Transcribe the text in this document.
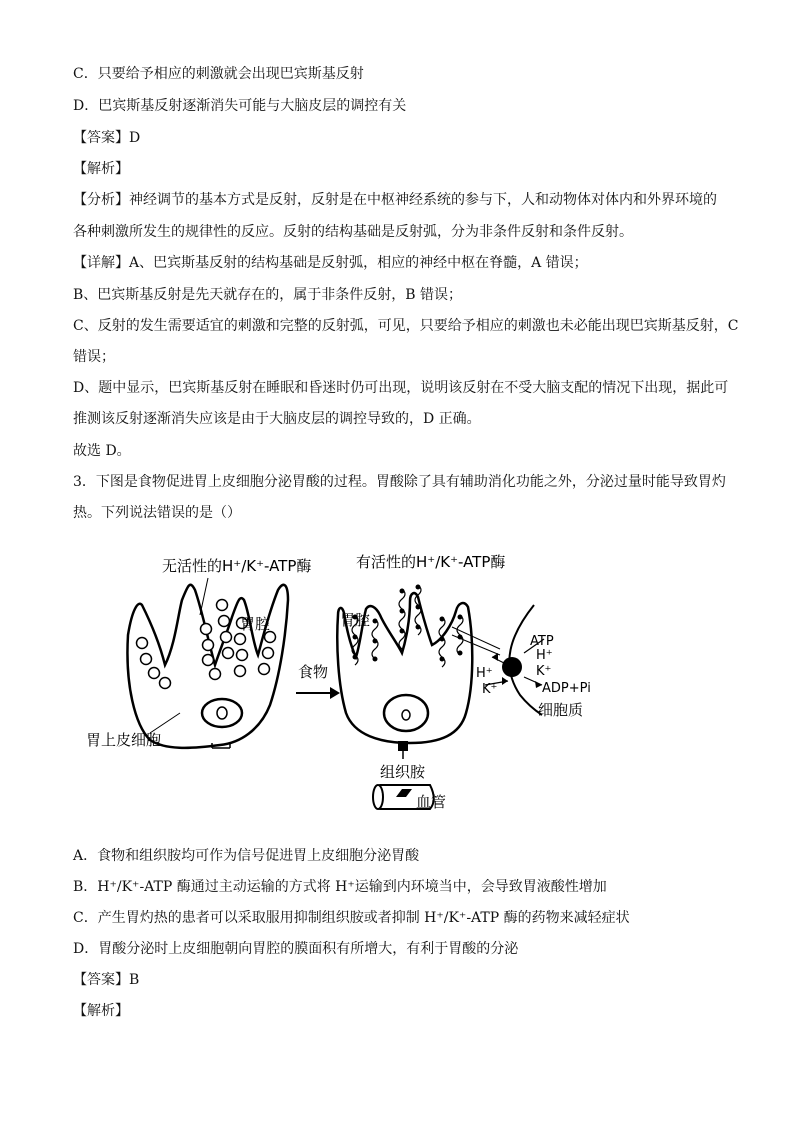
C．只要给予相应的刺激就会出现巴宾斯基反射
D．巴宾斯基反射逐渐消失可能与大脑皮层的调控有关
【答案】D
【解析】
【分析】神经调节的基本方式是反射，反射是在中枢神经系统的参与下，人和动物体对体内和外界环境的
各种刺激所发生的规律性的反应。反射的结构基础是反射弧，分为非条件反射和条件反射。
【详解】A、巴宾斯基反射的结构基础是反射弧，相应的神经中枢在脊髓，A 错误；
B、巴宾斯基反射是先天就存在的，属于非条件反射，B 错误；
C、反射的发生需要适宜的刺激和完整的反射弧，可见，只要给予相应的刺激也未必能出现巴宾斯基反射，C
错误；
D、题中显示，巴宾斯基反射在睡眠和昏迷时仍可出现，说明该反射在不受大脑支配的情况下出现，据此可
推测该反射逐渐消失应该是由于大脑皮层的调控导致的，D 正确。
故选 D。
3．下图是食物促进胃上皮细胞分泌胃酸的过程。胃酸除了具有辅助消化功能之外，分泌过量时能导致胃灼
热。下列说法错误的是（）
无活性的H⁺/K⁺-ATP酶
胃腔
胃上皮细胞
食物
有活性的H⁺/K⁺-ATP酶
胃腔
组织胺
血管
ATP
H⁺
K⁺
ADP+Pi
H⁺
K⁺
细胞质
A．食物和组织胺均可作为信号促进胃上皮细胞分泌胃酸
B．H⁺/K⁺-ATP 酶通过主动运输的方式将 H⁺运输到内环境当中，会导致胃液酸性增加
C．产生胃灼热的患者可以采取服用抑制组织胺或者抑制 H⁺/K⁺-ATP 酶的药物来减轻症状
D．胃酸分泌时上皮细胞朝向胃腔的膜面积有所增大，有利于胃酸的分泌
【答案】B
【解析】
